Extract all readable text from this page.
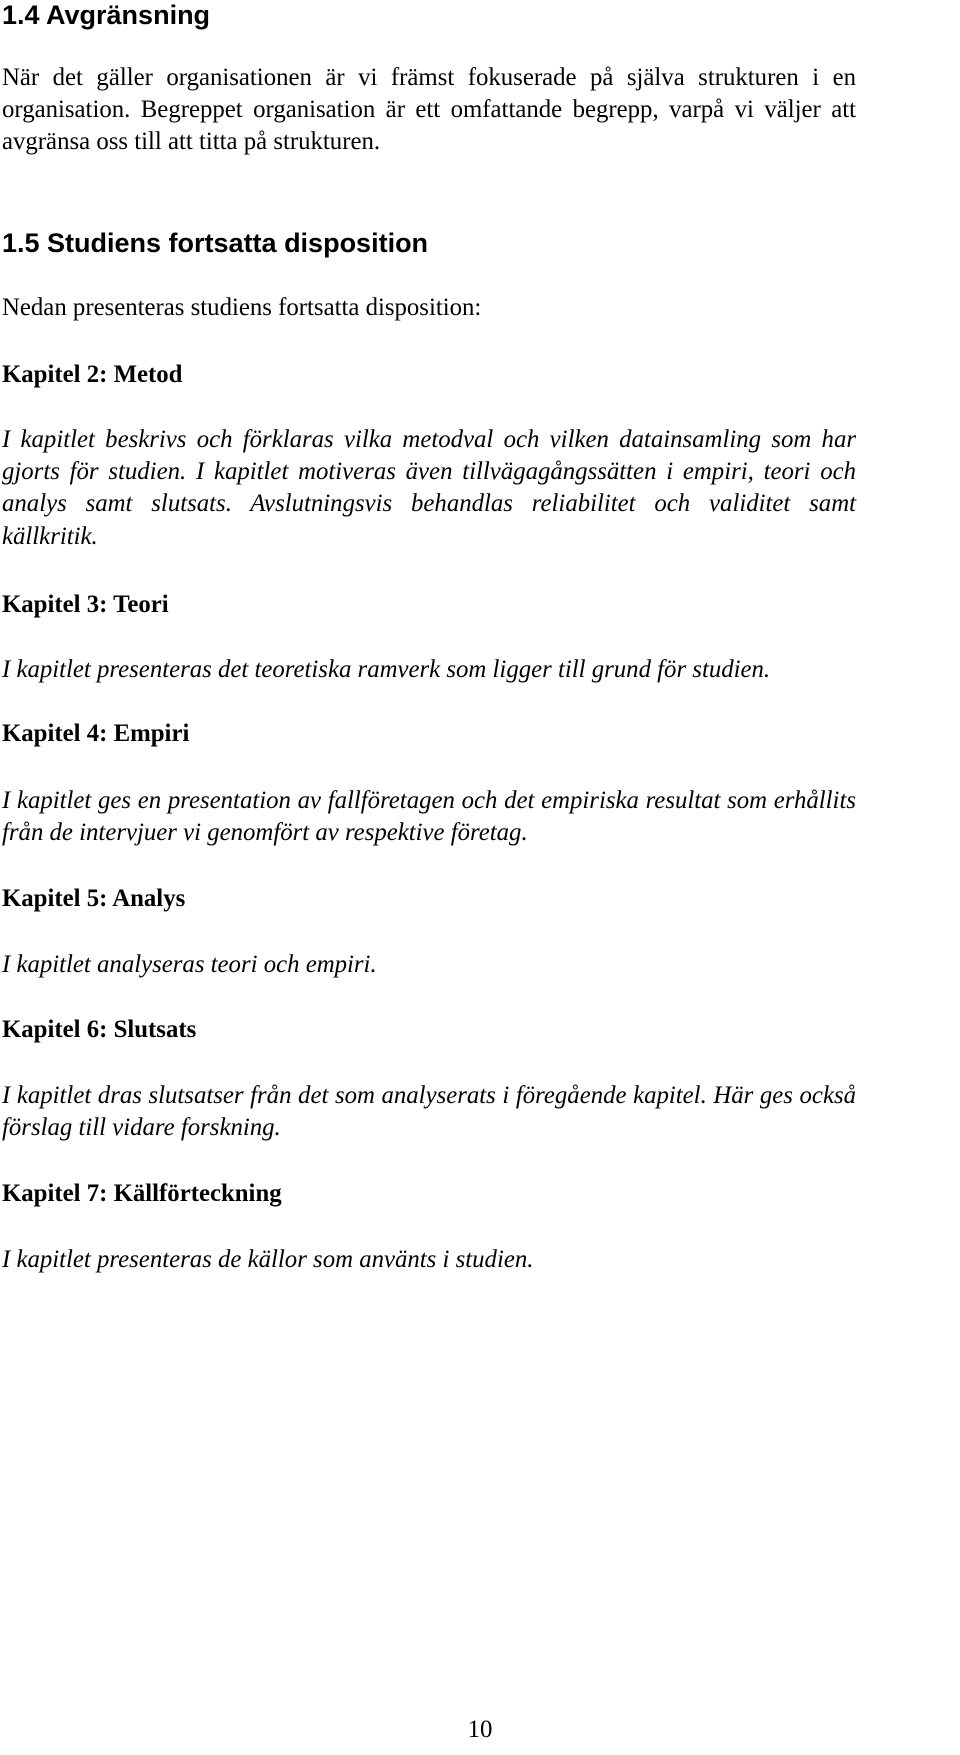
1.4 Avgränsning

När det gäller organisationen är vi främst fokuserade på själva strukturen i en organisation. Begreppet organisation är ett omfattande begrepp, varpå vi väljer att avgränsa oss till att titta på strukturen.

1.5 Studiens fortsatta disposition

Nedan presenteras studiens fortsatta disposition:

Kapitel 2: Metod

I kapitlet beskrivs och förklaras vilka metodval och vilken datainsamling som har gjorts för studien. I kapitlet motiveras även tillvägagångssätten i empiri, teori och analys samt slutsats. Avslutningsvis behandlas reliabilitet och validitet samt källkritik.

Kapitel 3: Teori

I kapitlet presenteras det teoretiska ramverk som ligger till grund för studien.

Kapitel 4: Empiri

I kapitlet ges en presentation av fallföretagen och det empiriska resultat som erhållits från de intervjuer vi genomfört av respektive företag.

Kapitel 5: Analys

I kapitlet analyseras teori och empiri.

Kapitel 6: Slutsats

I kapitlet dras slutsatser från det som analyserats i föregående kapitel. Här ges också förslag till vidare forskning.

Kapitel 7: Källförteckning

I kapitlet presenteras de källor som använts i studien.

10
